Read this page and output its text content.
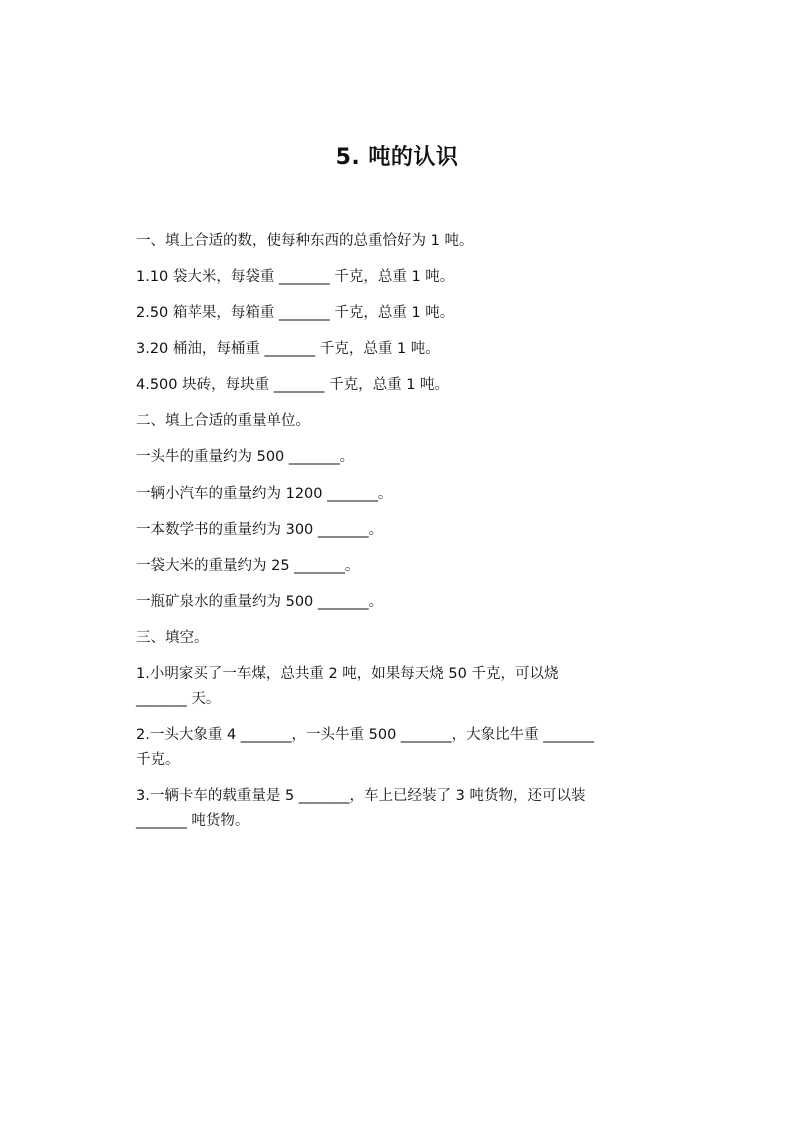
5. 吨的认识
一、填上合适的数，使每种东西的总重恰好为 1 吨。
1.10 袋大米，每袋重 _______ 千克，总重 1 吨。
2.50 箱苹果，每箱重 _______ 千克，总重 1 吨。
3.20 桶油，每桶重 _______ 千克，总重 1 吨。
4.500 块砖，每块重 _______ 千克，总重 1 吨。
二、填上合适的重量单位。
一头牛的重量约为 500 _______。
一辆小汽车的重量约为 1200 _______。
一本数学书的重量约为 300 _______。
一袋大米的重量约为 25 _______。
一瓶矿泉水的重量约为 500 _______。
三、填空。
1.小明家买了一车煤，总共重 2 吨，如果每天烧 50 千克，可以烧
_______ 天。
2.一头大象重 4 _______，一头牛重 500 _______，大象比牛重 _______
千克。
3.一辆卡车的载重量是 5 _______，车上已经装了 3 吨货物，还可以装
_______ 吨货物。
